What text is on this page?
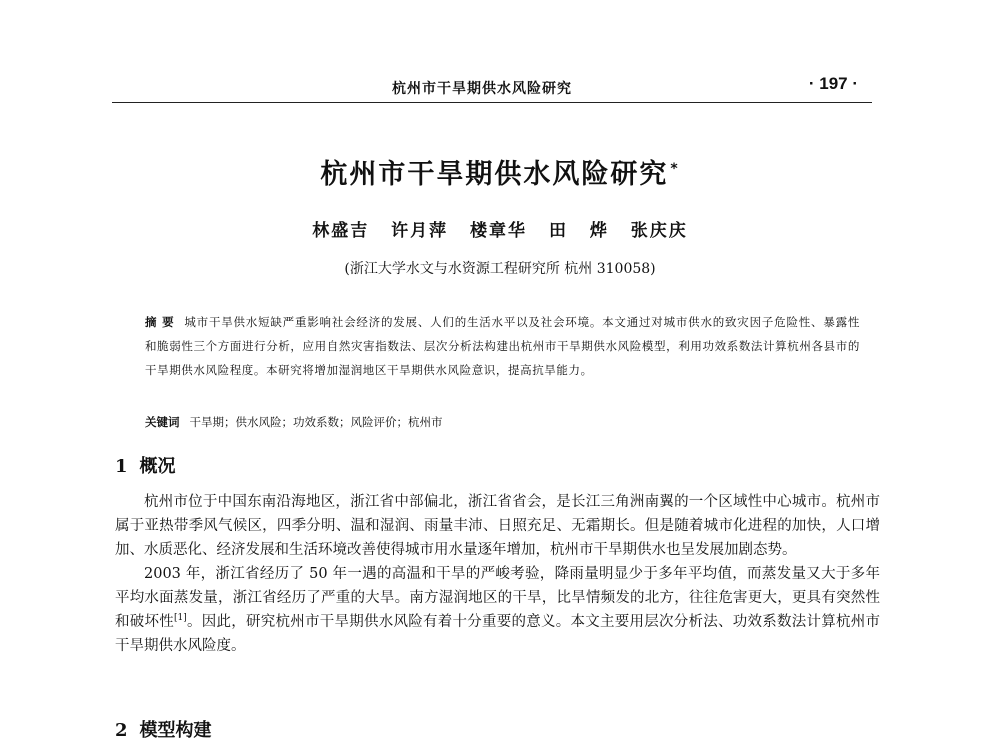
杭州市干旱期供水风险研究	· 197 ·
杭州市干旱期供水风险研究 *
林盛吉 许月萍 楼章华 田 烨 张庆庆
(浙江大学水文与水资源工程研究所 杭州 310058)
摘 要 城市干旱供水短缺严重影响社会经济的发展、人们的生活水平以及社会环境。本文通过对城市供水的致灾因子危险性、暴露性和脆弱性三个方面进行分析，应用自然灾害指数法、层次分析法构建出杭州市干旱期供水风险模型，利用功效系数法计算杭州各县市的干旱期供水风险程度。本研究将增加湿润地区干旱期供水风险意识，提高抗旱能力。
关键词 干旱期；供水风险；功效系数；风险评价；杭州市
1 概况

杭州市位于中国东南沿海地区，浙江省中部偏北，浙江省省会，是长江三角洲南翼的一个区域性中心城市。杭州市属于亚热带季风气候区，四季分明、温和湿润、雨量丰沛、日照充足、无霜期长。但是随着城市化进程的加快，人口增加、水质恶化、经济发展和生活环境改善使得城市用水量逐年增加，杭州市干旱期供水也呈发展加剧态势。

2003 年，浙江省经历了 50 年一遇的高温和干旱的严峻考验，降雨量明显少于多年平均值，而蒸发量又大于多年平均水面蒸发量，浙江省经历了严重的大旱。南方湿润地区的干旱，比旱情频发的北方，往往危害更大，更具有突然性和破坏性[1]。因此，研究杭州市干旱期供水风险有着十分重要的意义。本文主要用层次分析法、功效系数法计算杭州市干旱期供水风险度。

2 模型构建
